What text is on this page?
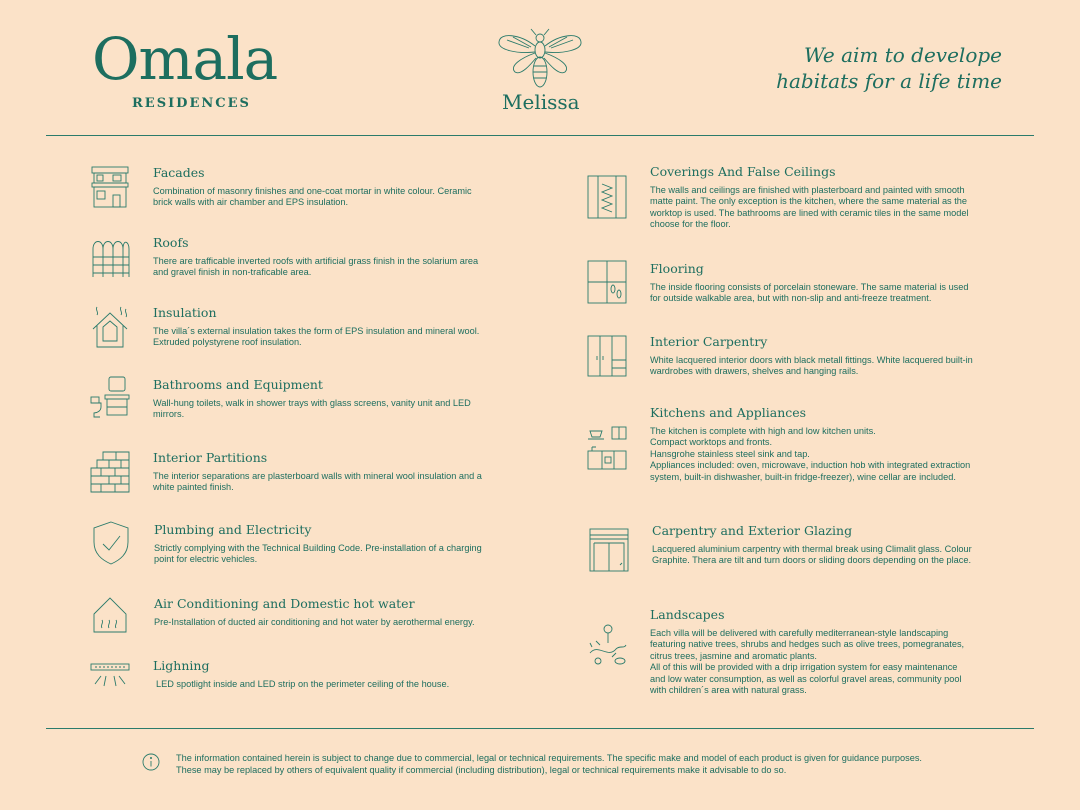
Omala
RESIDENCES	Melissa
We aim to develope
habitats for a life time
Facades
Combination of masonry finishes and one-coat mortar in white colour. Ceramic brick walls with air chamber and EPS insulation.
Roofs
There are trafficable inverted roofs with artificial grass finish in the solarium area and gravel finish in non-traficable area.
Insulation
The villa´s external insulation takes the form of EPS insulation and mineral wool. Extruded polystyrene roof insulation.
Bathrooms and Equipment
Wall-hung toilets, walk in shower trays with glass screens, vanity unit and LED mirrors.
Interior Partitions
The interior separations are plasterboard walls with mineral wool insulation and a white painted finish.
Plumbing and Electricity
Strictly complying with the Technical Building Code. Pre-installation of a charging point for electric vehicles.
Air Conditioning and Domestic hot water
Pre-Installation of ducted air conditioning and hot water by aerothermal energy.
Lighning
LED spotlight inside and LED strip on the perimeter ceiling of the house.
Coverings And False Ceilings
The walls and ceilings are finished with plasterboard and painted with smooth matte paint. The only exception is the kitchen, where the same material as the worktop is used. The bathrooms are lined with ceramic tiles in the same model choose for the floor.
Flooring
The inside flooring consists of porcelain stoneware. The same material is used for outside walkable area, but with non-slip and anti-freeze treatment.
Interior Carpentry
White lacquered interior doors with black metall fittings. White lacquered built-in wardrobes with drawers, shelves and hanging rails.
Kitchens and Appliances
The kitchen is complete with high and low kitchen units.
Compact worktops and fronts.
Hansgrohe stainless steel sink and tap.
Appliances included: oven, microwave, induction hob with integrated extraction system, built-in dishwasher, built-in fridge-freezer), wine cellar are included.
Carpentry and Exterior Glazing
Lacquered aluminium carpentry with thermal break using Climalit glass. Colour Graphite. Thera are tilt and turn doors or sliding doors depending on the place.
Landscapes
Each villa will be delivered with carefully mediterranean-style landscaping featuring native trees, shrubs and hedges such as olive trees, pomegranates, citrus trees, jasmine and aromatic plants.
All of this will be provided with a drip irrigation system for easy maintenance and low water consumption, as well as colorful gravel areas, community pool with children´s area with natural grass.
The information contained herein is subject to change due to commercial, legal or technical requirements. The specific make and model of each product is given for guidance purposes. These may be replaced by others of equivalent quality if commercial (including distribution), legal or technical requirements make it advisable to do so.
